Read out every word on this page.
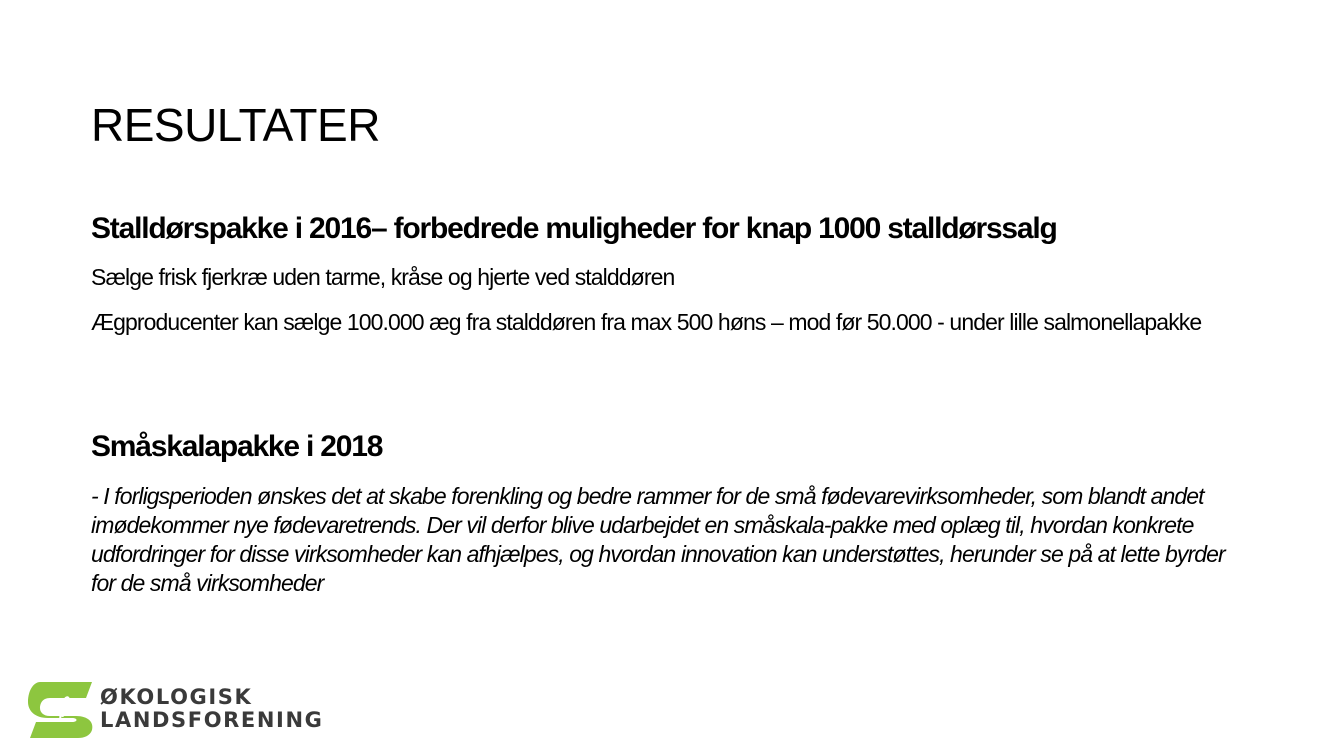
RESULTATER
Stalldørspakke i 2016– forbedrede muligheder for knap 1000 stalldørssalg

Sælge frisk fjerkræ uden tarme, kråse og hjerte ved stalddøren

Ægproducenter kan sælge 100.000 æg fra stalddøren fra max 500 høns – mod før 50.000 - under lille salmonellapakke

Småskalapakke i 2018

- I forligsperioden ønskes det at skabe forenkling og bedre rammer for de små fødevarevirksomheder, som blandt andet imødekommer nye fødevaretrends. Der vil derfor blive udarbejdet en småskala-pakke med oplæg til, hvordan konkrete udfordringer for disse virksomheder kan afhjælpes, og hvordan innovation kan understøttes, herunder se på at lette byrder for de små virksomheder

ØKOLOGISK
LANDSFORENING
